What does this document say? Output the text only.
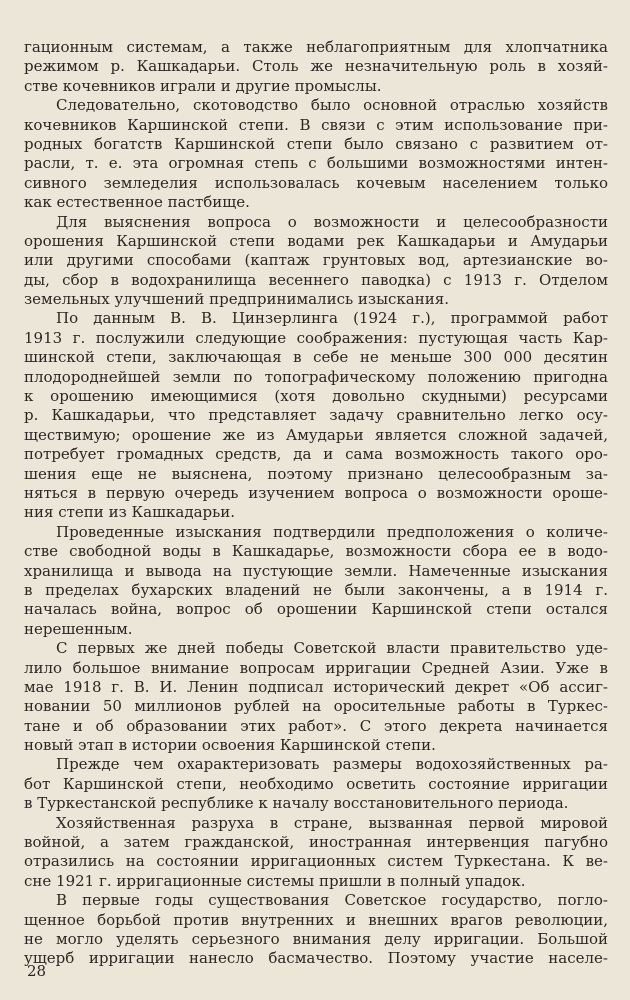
гационным системам, а также неблагоприятным для хлопчатника
режимом р. Кашкадарьи. Столь же незначительную роль в хозяй-
стве кочевников играли и другие промыслы.
Следовательно, скотоводство было основной отраслью хозяйств
кочевников Каршинской степи. В связи с этим использование при-
родных богатств Каршинской степи было связано с развитием от-
расли, т. е. эта огромная степь с большими возможностями интен-
сивного земледелия использовалась кочевым населением только
как естественное пастбище.
Для выяснения вопроса о возможности и целесообразности
орошения Каршинской степи водами рек Кашкадарьи и Амударьи
или другими способами (каптаж грунтовых вод, артезианские во-
ды, сбор в водохранилища весеннего паводка) с 1913 г. Отделом
земельных улучшений предпринимались изыскания.
По данным В. В. Цинзерлинга (1924 г.), программой работ
1913 г. послужили следующие соображения: пустующая часть Кар-
шинской степи, заключающая в себе не меньше 300 000 десятин
плодороднейшей земли по топографическому положению пригодна
к орошению имеющимися (хотя довольно скудными) ресурсами
р. Кашкадарьи, что представляет задачу сравнительно легко осу-
ществимую; орошение же из Амударьи является сложной задачей,
потребует громадных средств, да и сама возможность такого оро-
шения еще не выяснена, поэтому признано целесообразным за-
няться в первую очередь изучением вопроса о возможности ороше-
ния степи из Кашкадарьи.
Проведенные изыскания подтвердили предположения о количе-
стве свободной воды в Кашкадарье, возможности сбора ее в водо-
хранилища и вывода на пустующие земли. Намеченные изыскания
в пределах бухарских владений не были закончены, а в 1914 г.
началась война, вопрос об орошении Каршинской степи остался
нерешенным.
С первых же дней победы Советской власти правительство уде-
лило большое внимание вопросам ирригации Средней Азии. Уже в
мае 1918 г. В. И. Ленин подписал исторический декрет «Об ассиг-
новании 50 миллионов рублей на оросительные работы в Туркес-
тане и об образовании этих работ». С этого декрета начинается
новый этап в истории освоения Каршинской степи.
Прежде чем охарактеризовать размеры водохозяйственных ра-
бот Каршинской степи, необходимо осветить состояние ирригации
в Туркестанской республике к началу восстановительного периода.
Хозяйственная разруха в стране, вызванная первой мировой
войной, а затем гражданской, иностранная интервенция пагубно
отразились на состоянии ирригационных систем Туркестана. К ве-
сне 1921 г. ирригационные системы пришли в полный упадок.
В первые годы существования Советское государство, погло-
щенное борьбой против внутренних и внешних врагов революции,
не могло уделять серьезного внимания делу ирригации. Большой
ущерб ирригации нанесло басмачество. Поэтому участие населе-
28
